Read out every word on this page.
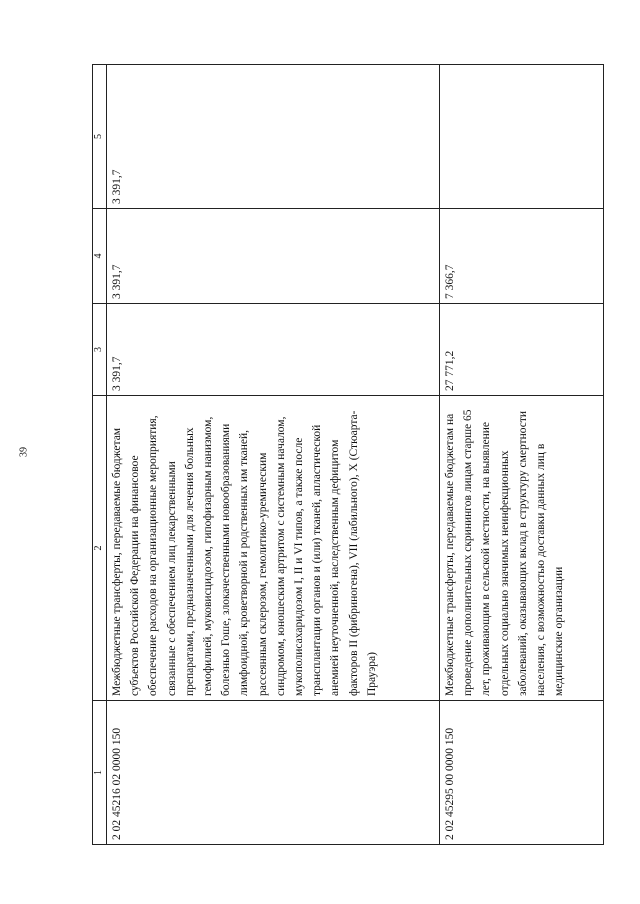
39
1	2	3	4	5
2 02 45216 02 0000 150	Межбюджетные трансферты, передаваемые бюджетам субъектов Российской Федерации на финансовое обеспечение расходов на организационные мероприятия, связанные с обеспечением лиц лекарственными препаратами, предназначенными для лечения больных гемофилией, муковисцидозом, гипофизарным нанизмом, болезнью Гоше, злокачественными новообразованиями лимфоидной, кроветворной и родственных им тканей, рассеянным склерозом, гемолитико-уремическим синдромом, юношеским артритом с системным началом, мукополисахаридозом I, II и VI типов, а также после трансплантации органов и (или) тканей, апластической анемией неуточненной, наследственным дефицитом факторов II (фибриногена), VII (лабильного), X (Стюарта-Прауэра)	3 391,7	3 391,7	3 391,7
2 02 45295 00 0000 150	Межбюджетные трансферты, передаваемые бюджетам на проведение дополнительных скринингов лицам старше 65 лет, проживающим в сельской местности, на выявление отдельных социально значимых неинфекционных заболеваний, оказывающих вклад в структуру смертности населения, с возможностью доставки данных лиц в медицинские организации	27 771,2	7 366,7	
